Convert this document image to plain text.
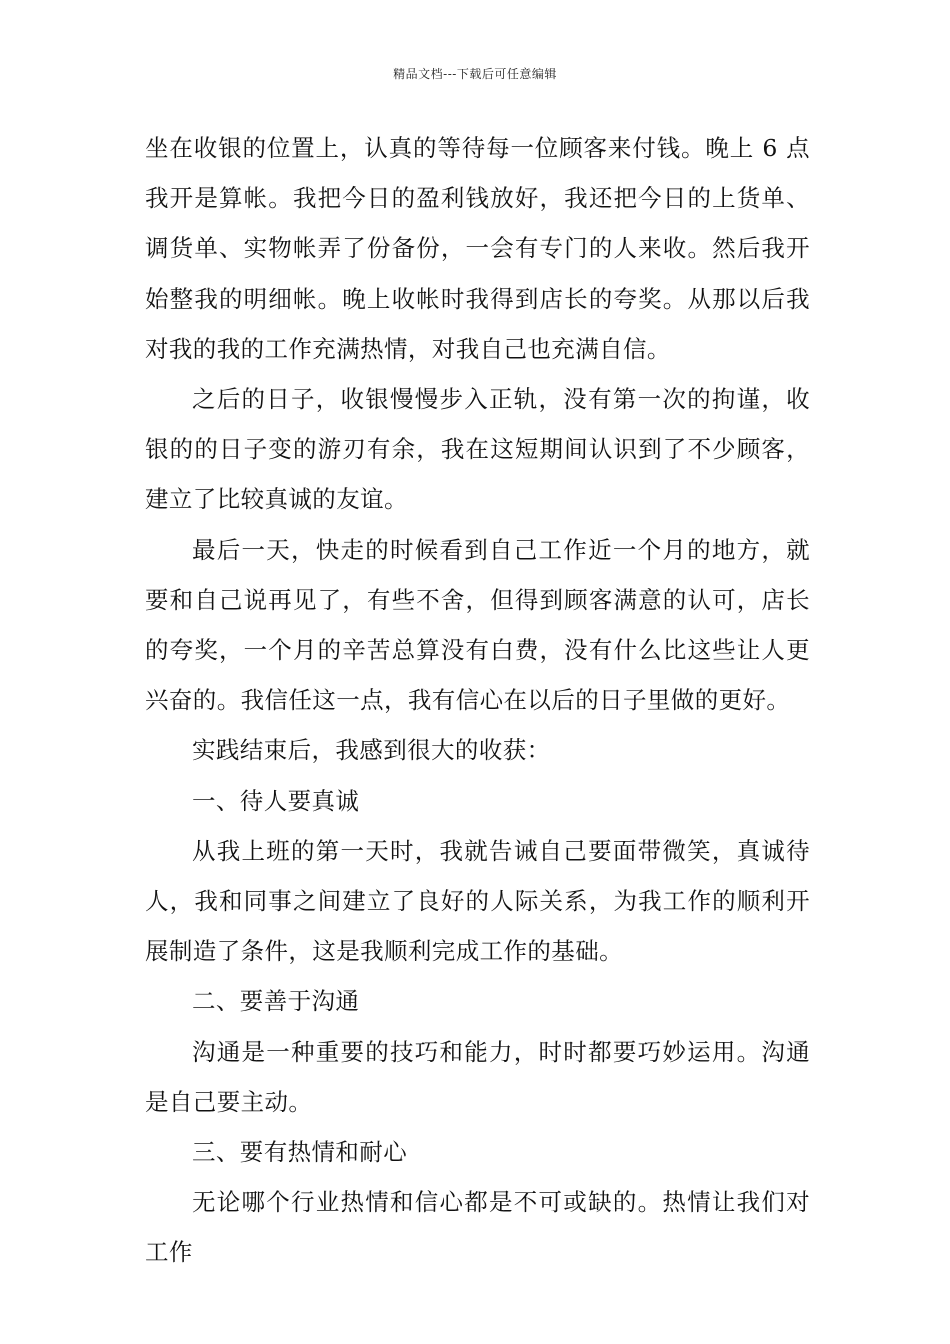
精品文档---下载后可任意编辑

坐在收银的位置上，认真的等待每一位顾客来付钱。晚上 6 点我开是算帐。我把今日的盈利钱放好，我还把今日的上货单、调货单、实物帐弄了份备份，一会有专门的人来收。然后我开始整我的明细帐。晚上收帐时我得到店长的夸奖。从那以后我对我的我的工作充满热情，对我自己也充满自信。

之后的日子，收银慢慢步入正轨，没有第一次的拘谨，收银的的日子变的游刃有余，我在这短期间认识到了不少顾客，建立了比较真诚的友谊。

最后一天，快走的时候看到自己工作近一个月的地方，就要和自己说再见了，有些不舍，但得到顾客满意的认可，店长的夸奖，一个月的辛苦总算没有白费，没有什么比这些让人更兴奋的。我信任这一点，我有信心在以后的日子里做的更好。

实践结束后，我感到很大的收获：

一、待人要真诚

从我上班的第一天时，我就告诫自己要面带微笑，真诚待人，我和同事之间建立了良好的人际关系，为我工作的顺利开展制造了条件，这是我顺利完成工作的基础。

二、要善于沟通

沟通是一种重要的技巧和能力，时时都要巧妙运用。沟通是自己要主动。

三、要有热情和耐心

无论哪个行业热情和信心都是不可或缺的。热情让我们对工作
